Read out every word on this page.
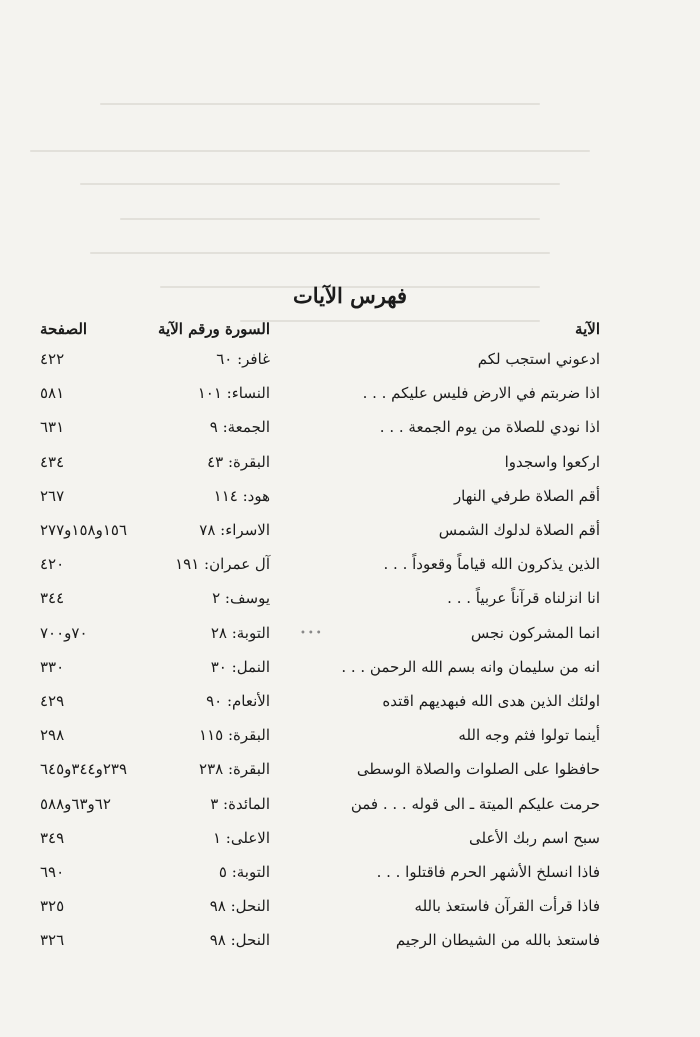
فهرس الآيات
الآية
السورة ورقم الآية
الصفحة
•••
ادعوني استجب لكم
غافر: ٦٠
٤٢٢
اذا ضربتم في الارض فليس عليكم . . .
النساء: ١٠١
٥٨١
اذا نودي للصلاة من يوم الجمعة . . .
الجمعة: ٩
٦٣١
اركعوا واسجدوا
البقرة: ٤٣
٤٣٤
أقم الصلاة طرفي النهار
هود: ١١٤
٢٦٧
أقم الصلاة لدلوك الشمس
الاسراء: ٧٨
١٥٦و١٥٨و٢٧٧
الذين يذكرون الله قياماً وقعوداً . . .
آل عمران: ١٩١
٤٢٠
انا انزلناه قرآناً عربياً . . .
يوسف: ٢
٣٤٤
انما المشركون نجس
التوبة: ٢٨
٧٠و٧٠٠
انه من سليمان وانه بسم الله الرحمن . . .
النمل: ٣٠
٣٣٠
اولئك الذين هدى الله فبهديهم اقتده
الأنعام: ٩٠
٤٢٩
أينما تولوا فثم وجه الله
البقرة: ١١٥
٢٩٨
حافظوا على الصلوات والصلاة الوسطى
البقرة: ٢٣٨
٢٣٩و٣٤٤و٦٤٥
حرمت عليكم الميتة ـ الى قوله . . . فمن
المائدة: ٣
٦٢و٦٣و٥٨٨
سبح اسم ربك الأعلى
الاعلى: ١
٣٤٩
فاذا انسلخ الأشهر الحرم فاقتلوا . . .
التوبة: ٥
٦٩٠
فاذا قرأت القرآن فاستعذ بالله
النحل: ٩٨
٣٢٥
فاستعذ بالله من الشيطان الرجيم
النحل: ٩٨
٣٢٦
